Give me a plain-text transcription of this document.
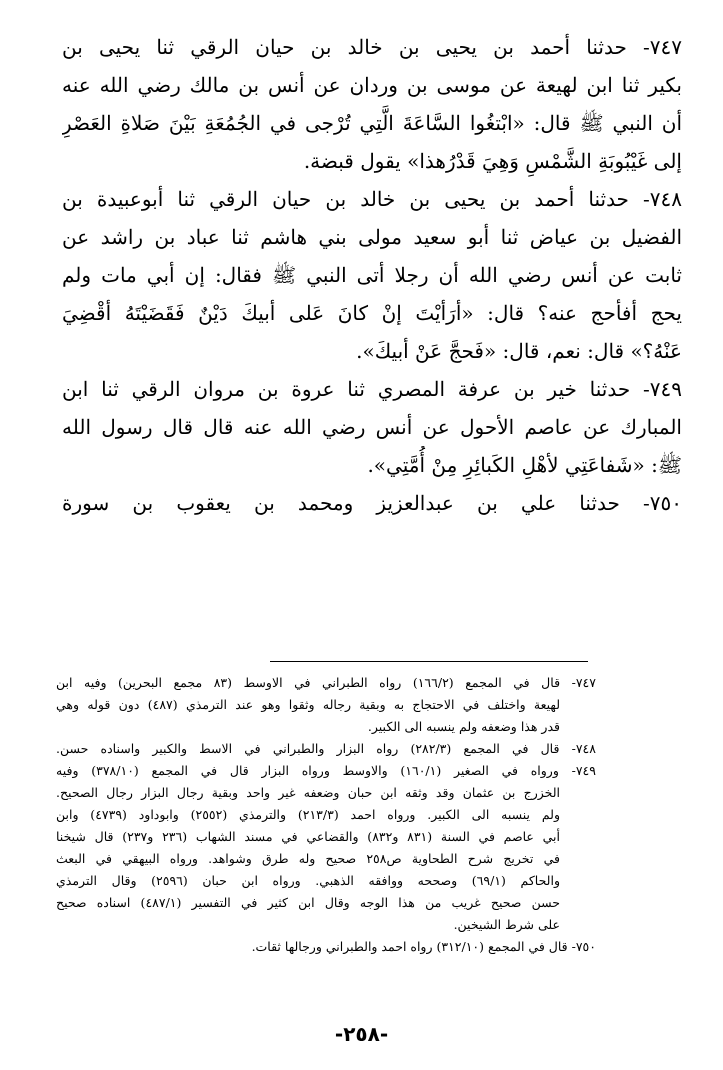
٧٤٧- حدثنا أحمد بن يحيى بن خالد بن حيان الرقي ثنا يحيى بن
بكير ثنا ابن لهيعة عن موسى بن وردان عن أنس بن مالك رضي الله عنه
أن النبي ﷺ قال: «ابْتغُوا السَّاعَةَ الَّتِي تُرْجى في الجُمُعَةِ بَيْنَ صَلاةِ العَصْرِ
إلى غَيْبُوبَةِ الشَّمْسِ وَهِيَ قَدْرُهذا» يقول قبضة.
٧٤٨- حدثنا أحمد بن يحيى بن خالد بن حيان الرقي ثنا أبوعبيدة بن
الفضيل بن عياض ثنا أبو سعيد مولى بني هاشم ثنا عباد بن راشد عن
ثابت عن أنس رضي الله أن رجلا أتى النبي ﷺ فقال: إن أبي مات ولم
يحج أفأحج عنه؟ قال: «أرَأيْتَ إنْ كانَ عَلى أبيكَ دَيْنٌ فَقَضَيْتَهُ أقْضِيَ
عَنْهُ؟» قال: نعم، قال: «فَحجَّ عَنْ أبيكَ».
٧٤٩- حدثنا خير بن عرفة المصري ثنا عروة بن مروان الرقي ثنا ابن
المبارك عن عاصم الأحول عن أنس رضي الله عنه قال قال رسول الله
ﷺ: «شَفاعَتِي لأهْلِ الكَبائِرِ مِنْ أُمَّتِي».
٧٥٠- حدثنا علي بن عبدالعزيز ومحمد بن يعقوب بن سورة
٧٤٧- قال في المجمع (١٦٦/٢) رواه الطبراني في الاوسط (٨٣ مجمع البحرين) وفيه ابن
لهيعة واختلف في الاحتجاج به وبقية رجاله وثقوا وهو عند الترمذي (٤٨٧) دون قوله وهي
قدر هذا وضعفه ولم ينسبه الى الكبير.
٧٤٨- قال في المجمع (٢٨٢/٣) رواه البزار والطبراني في الاسط والكبير واسناده حسن.
٧٤٩- ورواه في الصغير (١٦٠/١) والاوسط ورواه البزار قال في المجمع (٣٧٨/١٠) وفيه
الخزرج بن عثمان وقد وثقه ابن حبان وضعفه غير واحد وبقية رجال البزار رجال الصحيح.
ولم ينسبه الى الكبير. ورواه احمد (٢١٣/٣) والترمذي (٢٥٥٢) وابوداود (٤٧٣٩) وابن
أبي عاصم في السنة (٨٣١ و٨٣٢) والقضاعي في مسند الشهاب (٢٣٦ و٢٣٧) قال شيخنا
في تخريج شرح الطحاوية ص٢٥٨ صحيح وله طرق وشواهد. ورواه البيهقي في البعث
والحاكم (٦٩/١) وصححه ووافقه الذهبي. ورواه ابن حبان (٢٥٩٦) وقال الترمذي
حسن صحيح غريب من هذا الوجه وقال ابن كثير في التفسير (٤٨٧/١) اسناده صحيح
على شرط الشيخين.
٧٥٠- قال في المجمع (٣١٢/١٠) رواه احمد والطبراني ورجالها ثقات.
-٢٥٨-
